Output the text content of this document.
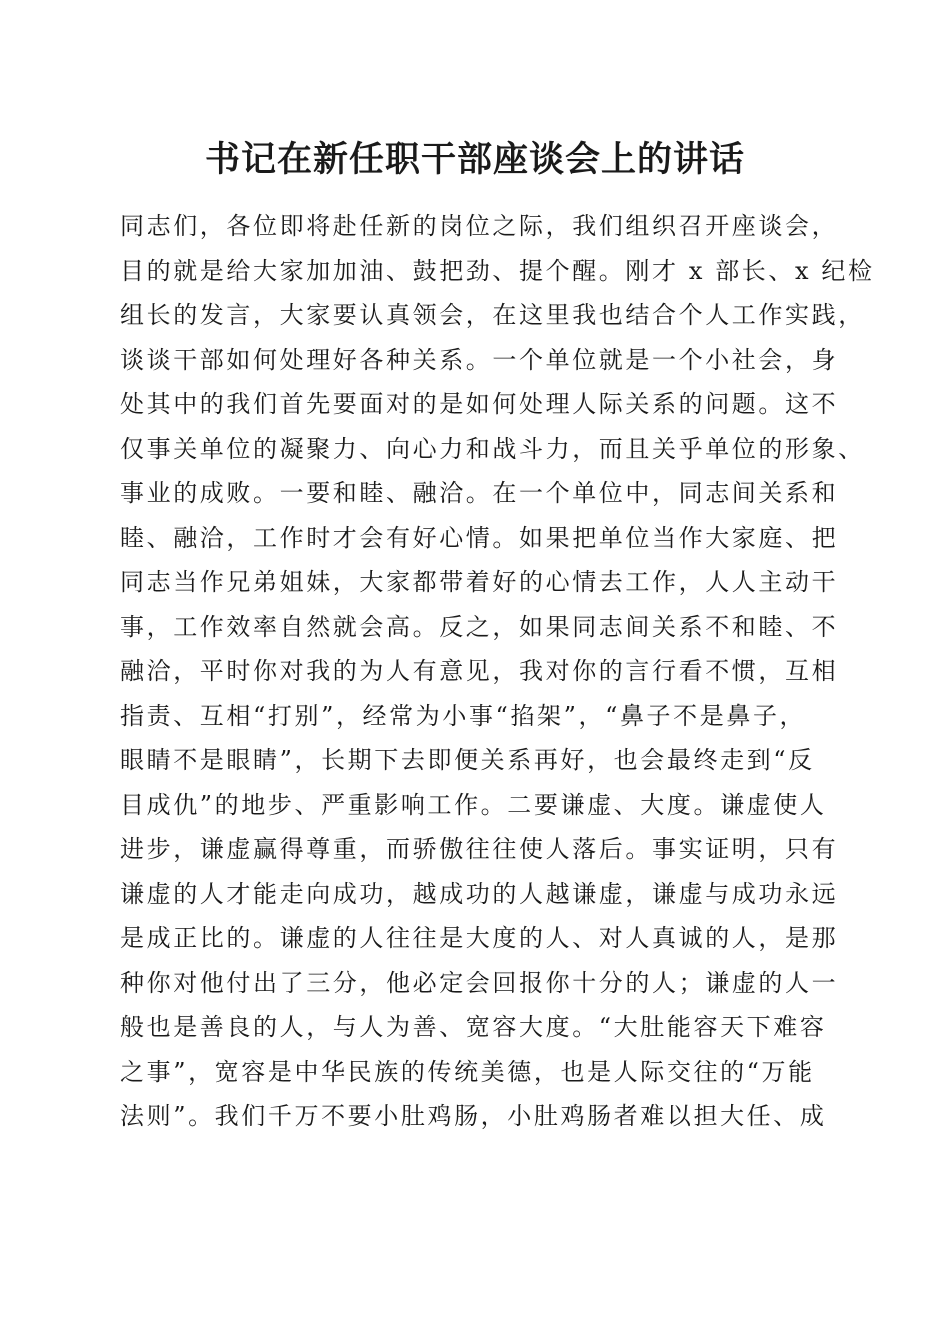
书记在新任职干部座谈会上的讲话
同志们，各位即将赴任新的岗位之际，我们组织召开座谈会，
目的就是给大家加加油、鼓把劲、提个醒。刚才 x 部长、x 纪检
组长的发言，大家要认真领会，在这里我也结合个人工作实践，
谈谈干部如何处理好各种关系。一个单位就是一个小社会，身
处其中的我们首先要面对的是如何处理人际关系的问题。这不
仅事关单位的凝聚力、向心力和战斗力，而且关乎单位的形象、
事业的成败。一要和睦、融洽。在一个单位中，同志间关系和
睦、融洽，工作时才会有好心情。如果把单位当作大家庭、把
同志当作兄弟姐妹，大家都带着好的心情去工作，人人主动干
事，工作效率自然就会高。反之，如果同志间关系不和睦、不
融洽，平时你对我的为人有意见，我对你的言行看不惯，互相
指责、互相“打别”，经常为小事“掐架”，“鼻子不是鼻子，
眼睛不是眼睛”，长期下去即便关系再好，也会最终走到“反
目成仇”的地步、严重影响工作。二要谦虚、大度。谦虚使人
进步，谦虚赢得尊重，而骄傲往往使人落后。事实证明，只有
谦虚的人才能走向成功，越成功的人越谦虚，谦虚与成功永远
是成正比的。谦虚的人往往是大度的人、对人真诚的人，是那
种你对他付出了三分，他必定会回报你十分的人；谦虚的人一
般也是善良的人，与人为善、宽容大度。“大肚能容天下难容
之事”，宽容是中华民族的传统美德，也是人际交往的“万能
法则”。我们千万不要小肚鸡肠，小肚鸡肠者难以担大任、成
